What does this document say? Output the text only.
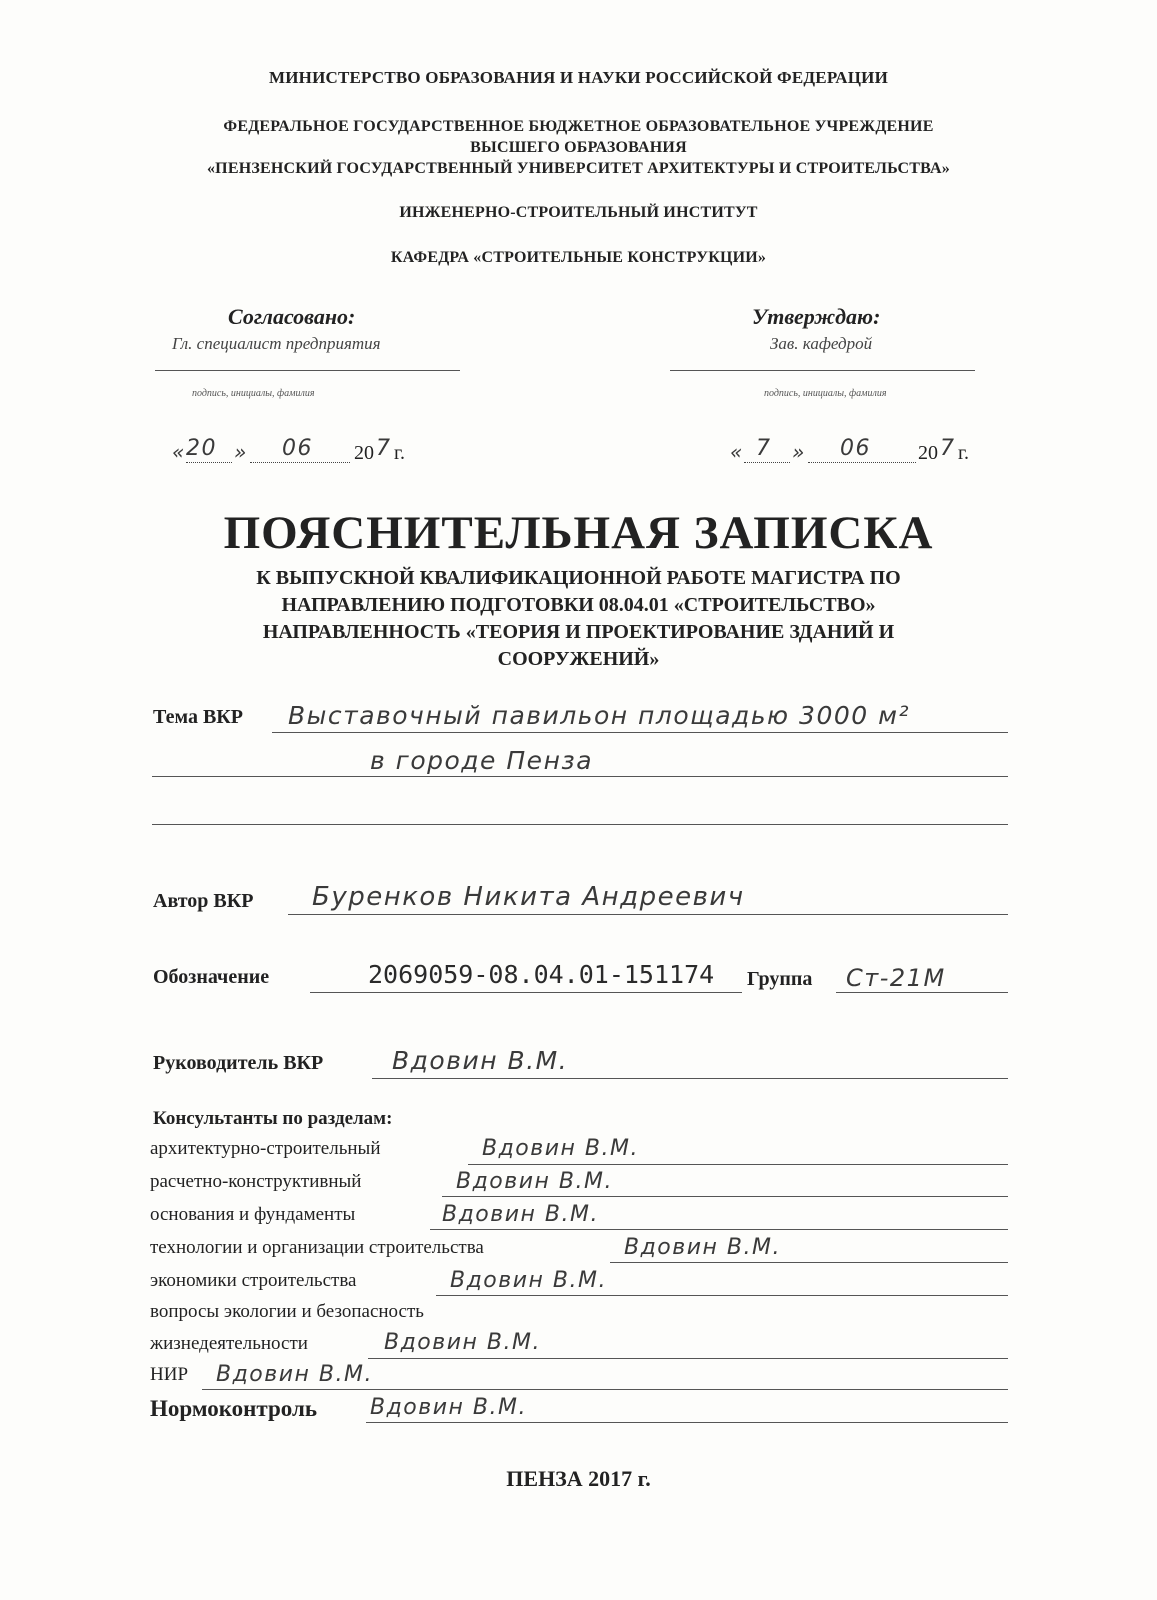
МИНИСТЕРСТВО ОБРАЗОВАНИЯ И НАУКИ РОССИЙСКОЙ ФЕДЕРАЦИИ
ФЕДЕРАЛЬНОЕ ГОСУДАРСТВЕННОЕ БЮДЖЕТНОЕ ОБРАЗОВАТЕЛЬНОЕ УЧРЕЖДЕНИЕ
ВЫСШЕГО ОБРАЗОВАНИЯ
«ПЕНЗЕНСКИЙ ГОСУДАРСТВЕННЫЙ УНИВЕРСИТЕТ АРХИТЕКТУРЫ И СТРОИТЕЛЬСТВА»
ИНЖЕНЕРНО-СТРОИТЕЛЬНЫЙ ИНСТИТУТ
КАФЕДРА «СТРОИТЕЛЬНЫЕ КОНСТРУКЦИИ»
Согласовано:
Гл. специалист предприятия
подпись, инициалы, фамилия
« 20 » 06 20 7 г.
Утверждаю:
Зав. кафедрой
подпись, инициалы, фамилия
« 7 » 06 20 7 г.
ПОЯСНИТЕЛЬНАЯ ЗАПИСКА
К ВЫПУСКНОЙ КВАЛИФИКАЦИОННОЙ РАБОТЕ МАГИСТРА ПО
НАПРАВЛЕНИЮ ПОДГОТОВКИ 08.04.01 «СТРОИТЕЛЬСТВО»
НАПРАВЛЕННОСТЬ «ТЕОРИЯ И ПРОЕКТИРОВАНИЕ ЗДАНИЙ И
СООРУЖЕНИЙ»
Тема ВКР Выставочный павильон площадью 3000 м²
в городе Пенза
Автор ВКР Буренков Никита Андреевич
Обозначение	2069059-08.04.01-151174 Группа Ст-21М
Руководитель ВКР	Вдовин В.М.
Консультанты по разделам:
архитектурно-строительный	Вдовин В.М.
расчетно-конструктивный	Вдовин В.М.
основания и фундаменты	Вдовин В.М.
технологии и организации строительства	Вдовин В.М.
экономики строительства	Вдовин В.М.
вопросы экологии и безопасность
жизнедеятельности	Вдовин В.М.
НИР Вдовин В.М.
Нормоконтроль Вдовин В.М.
ПЕНЗА 2017 г.
